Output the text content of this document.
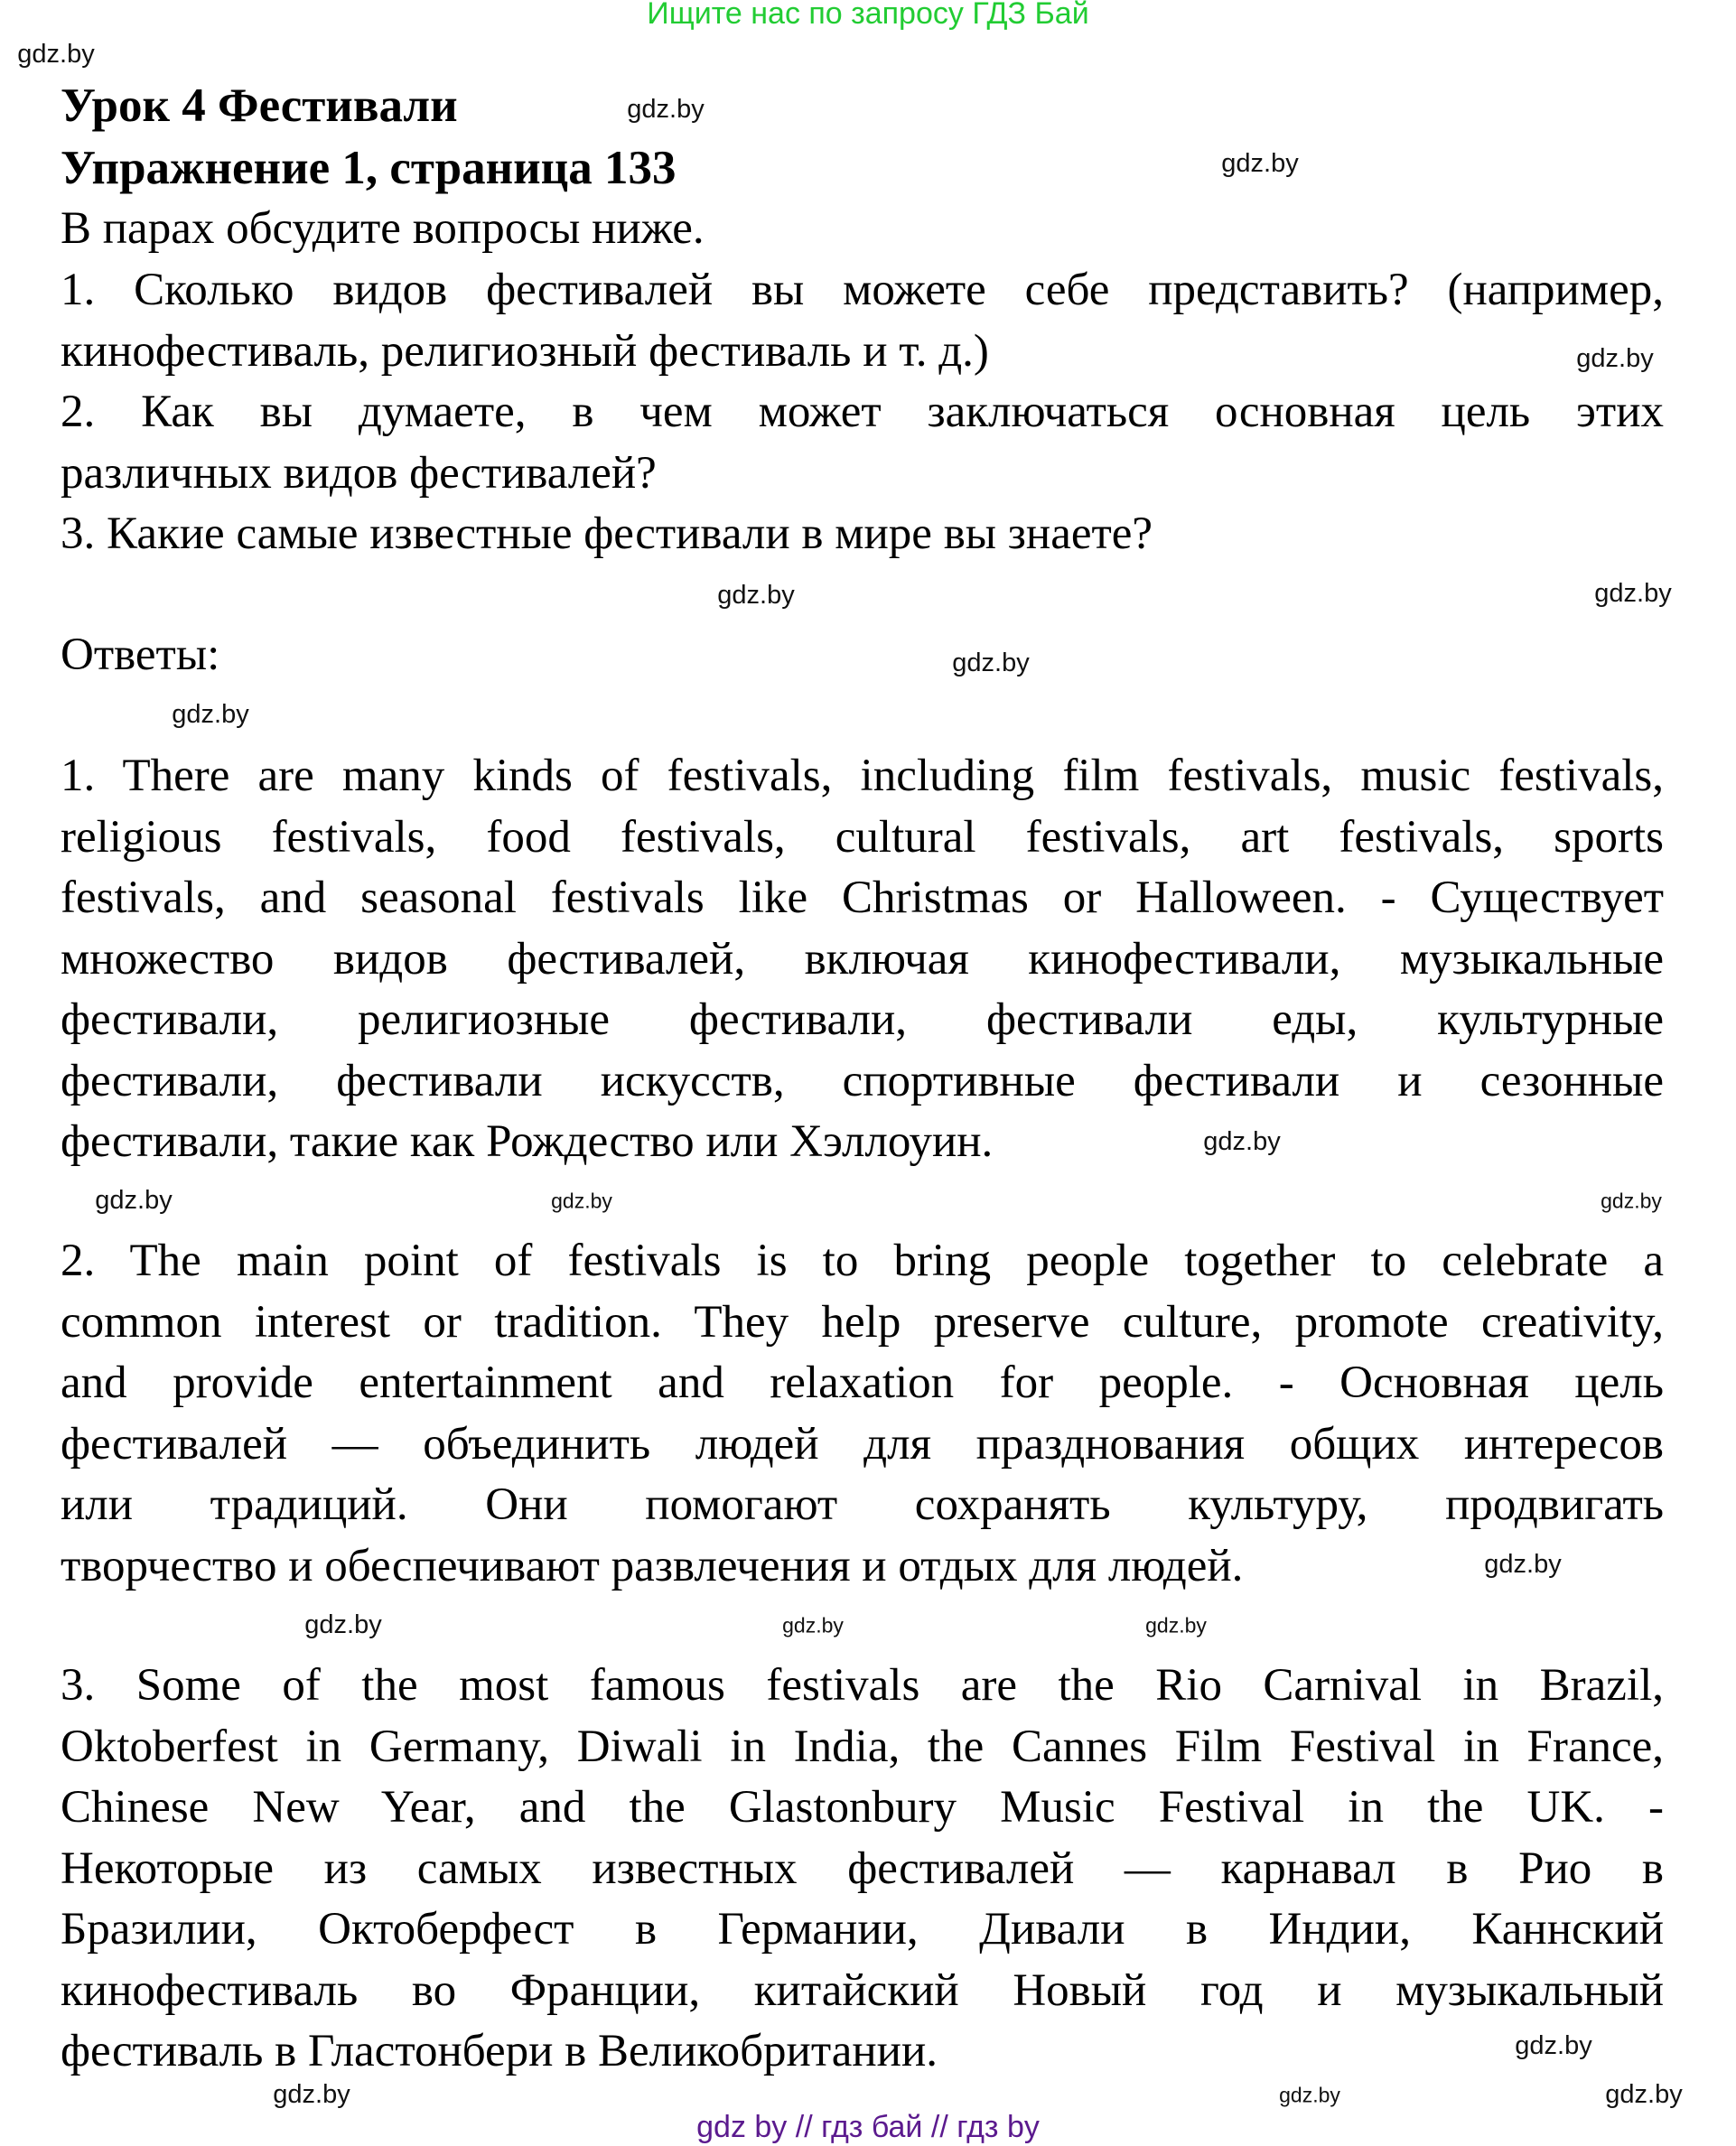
Ищите нас по запросу ГДЗ Бай
Урок 4 Фестивали
Упражнение 1, страница 133
В парах обсудите вопросы ниже.
1. Сколько видов фестивалей вы можете себе представить? (например,
кинофестиваль, религиозный фестиваль и т. д.)
2. Как вы думаете, в чем может заключаться основная цель этих
различных видов фестивалей?
3. Какие самые известные фестивали в мире вы знаете?
Ответы:
1. There are many kinds of festivals, including film festivals, music festivals,
religious festivals, food festivals, cultural festivals, art festivals, sports
festivals, and seasonal festivals like Christmas or Halloween. - Существует
множество видов фестивалей, включая кинофестивали, музыкальные
фестивали, религиозные фестивали, фестивали еды, культурные
фестивали, фестивали искусств, спортивные фестивали и сезонные
фестивали, такие как Рождество или Хэллоуин.
2. The main point of festivals is to bring people together to celebrate a
common interest or tradition. They help preserve culture, promote creativity,
and provide entertainment and relaxation for people. - Основная цель
фестивалей — объединить людей для празднования общих интересов
или традиций. Они помогают сохранять культуру, продвигать
творчество и обеспечивают развлечения и отдых для людей.
3. Some of the most famous festivals are the Rio Carnival in Brazil,
Oktoberfest in Germany, Diwali in India, the Cannes Film Festival in France,
Chinese New Year, and the Glastonbury Music Festival in the UK. -
Некоторые из самых известных фестивалей — карнавал в Рио в
Бразилии, Октоберфест в Германии, Дивали в Индии, Каннский
кинофестиваль во Франции, китайский Новый год и музыкальный
фестиваль в Гластонбери в Великобритании.
gdz.by
gdz.by
gdz.by
gdz.by
gdz.by
gdz.by
gdz.by
gdz.by
gdz.by
gdz.by
gdz.by
gdz.by
gdz.by	gdz.by
gdz.by
gdz.by
gdz.by
gdz.by
gdz.by
gdz.by
gdz by // гдз бай // гдз by
